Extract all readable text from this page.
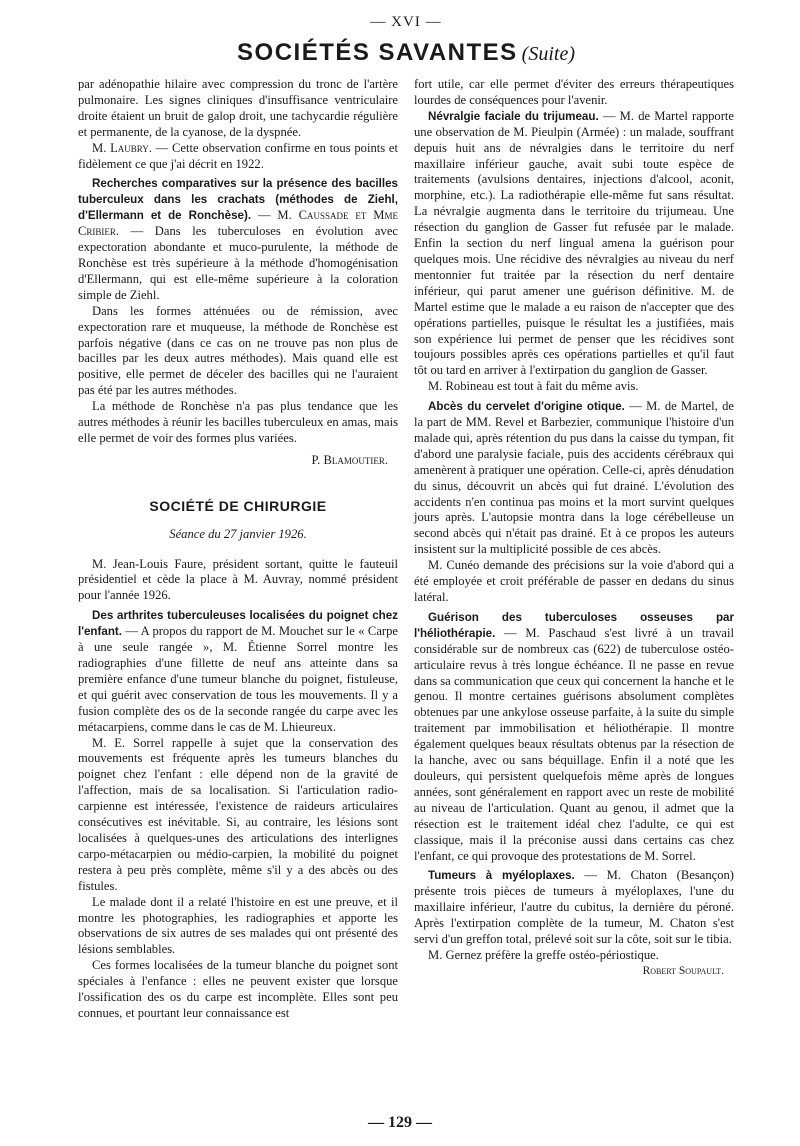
— XVI —
SOCIÉTÉS SAVANTES (Suite)

par adénopathie hilaire avec compression du tronc de l'artère pulmonaire. Les signes cliniques d'insuffisance ventriculaire droite étaient un bruit de galop droit, une tachycardie régulière et permanente, de la cyanose, de la dyspnée.

M. Laubry. — Cette observation confirme en tous points et fidèlement ce que j'ai décrit en 1922.

Recherches comparatives sur la présence des bacilles tuberculeux dans les crachats (méthodes de Ziehl, d'Ellermann et de Ronchèse). — M. Caussade et Mme Cribier. — Dans les tuberculoses en évolution avec expectoration abondante et muco-purulente, la méthode de Ronchèse est très supérieure à la méthode d'homogénisation d'Ellermann, qui est elle-même supérieure à la coloration simple de Ziehl.

Dans les formes atténuées ou de rémission, avec expectoration rare et muqueuse, la méthode de Ronchèse est parfois négative (dans ce cas on ne trouve pas non plus de bacilles par les deux autres méthodes). Mais quand elle est positive, elle permet de déceler des bacilles qui ne l'auraient pas été par les autres méthodes.

La méthode de Ronchèse n'a pas plus tendance que les autres méthodes à réunir les bacilles tuberculeux en amas, mais elle permet de voir des formes plus variées.

P. Blamoutier.
SOCIÉTÉ DE CHIRURGIE
Séance du 27 janvier 1926.

M. Jean-Louis Faure, président sortant, quitte le fauteuil présidentiel et cède la place à M. Auvray, nommé président pour l'année 1926.

Des arthrites tuberculeuses localisées du poignet chez l'enfant. — A propos du rapport de M. Mouchet sur le « Carpe à une seule rangée », M. Étienne Sorrel montre les radiographies d'une fillette de neuf ans atteinte dans sa première enfance d'une tumeur blanche du poignet, fistuleuse, et qui guérit avec conservation de tous les mouvements. Il y a fusion complète des os de la seconde rangée du carpe avec les métacarpiens, comme dans le cas de M. Lhieureux.

M. E. Sorrel rappelle à sujet que la conservation des mouvements est fréquente après les tumeurs blanches du poignet chez l'enfant : elle dépend non de la gravité de l'affection, mais de sa localisation. Si l'articulation radio-carpienne est intéressée, l'existence de raideurs articulaires consécutives est inévitable. Si, au contraire, les lésions sont localisées à quelques-unes des articulations des interlignes carpo-métacarpien ou médio-carpien, la mobilité du poignet restera à peu près complète, même s'il y a des abcès ou des fistules.

Le malade dont il a relaté l'histoire en est une preuve, et il montre les photographies, les radiographies et apporte les observations de six autres de ses malades qui ont présenté des lésions semblables.

Ces formes localisées de la tumeur blanche du poignet sont spéciales à l'enfance : elles ne peuvent exister que lorsque l'ossification des os du carpe est incomplète. Elles sont peu connues, et pourtant leur connaissance est

fort utile, car elle permet d'éviter des erreurs thérapeutiques lourdes de conséquences pour l'avenir.

Névralgie faciale du trijumeau. — M. de Martel rapporte une observation de M. Pieulpin (Armée) : un malade, souffrant depuis huit ans de névralgies dans le territoire du nerf maxillaire inférieur gauche, avait subi toute espèce de traitements (avulsions dentaires, injections d'alcool, aconit, morphine, etc.). La radiothérapie elle-même fut sans résultat. La névralgie augmenta dans le territoire du trijumeau. Une résection du ganglion de Gasser fut refusée par le malade. Enfin la section du nerf lingual amena la guérison pour quelques mois. Une récidive des névralgies au niveau du nerf mentonnier fut traitée par la résection du nerf dentaire inférieur, qui parut amener une guérison définitive. M. de Martel estime que le malade a eu raison de n'accepter que des opérations partielles, puisque le résultat les a justifiées, mais son expérience lui permet de penser que les récidives sont toujours possibles après ces opérations partielles et qu'il faut tôt ou tard en arriver à l'extirpation du ganglion de Gasser.

M. Robineau est tout à fait du même avis.

Abcès du cervelet d'origine otique. — M. de Martel, de la part de MM. Revel et Barbezier, communique l'histoire d'un malade qui, après rétention du pus dans la caisse du tympan, fit d'abord une paralysie faciale, puis des accidents cérébraux qui amenèrent à pratiquer une opération. Celle-ci, après dénudation du sinus, découvrit un abcès qui fut drainé. L'évolution des accidents n'en continua pas moins et la mort survint quelques jours après. L'autopsie montra dans la loge cérébelleuse un second abcès qui n'était pas drainé. Et à ce propos les auteurs insistent sur la multiplicité possible de ces abcès.

M. Cunéo demande des précisions sur la voie d'abord qui a été employée et croit préférable de passer en dedans du sinus latéral.

Guérison des tuberculoses osseuses par l'héliothérapie. — M. Paschaud s'est livré à un travail considérable sur de nombreux cas (622) de tuberculose ostéo-articulaire revus à très longue échéance. Il ne passe en revue dans sa communication que ceux qui concernent la hanche et le genou. Il montre certaines guérisons absolument complètes obtenues par une ankylose osseuse parfaite, à la suite du simple traitement par immobilisation et héliothérapie. Il montre également quelques beaux résultats obtenus par la résection de la hanche, avec ou sans béquillage. Enfin il a noté que les douleurs, qui persistent quelquefois même après de longues années, sont généralement en rapport avec un reste de mobilité au niveau de l'articulation. Quant au genou, il admet que la résection est le traitement idéal chez l'adulte, ce qui est classique, mais il la préconise aussi dans certains cas chez l'enfant, ce qui provoque des protestations de M. Sorrel.

Tumeurs à myéloplaxes. — M. Chaton (Besançon) présente trois pièces de tumeurs à myéloplaxes, l'une du maxillaire inférieur, l'autre du cubitus, la dernière du péroné. Après l'extirpation complète de la tumeur, M. Chaton s'est servi d'un greffon total, prélevé soit sur la côte, soit sur le tibia.

M. Gernez préfère la greffe ostéo-périostique.

Robert Soupault.
— 129 —
